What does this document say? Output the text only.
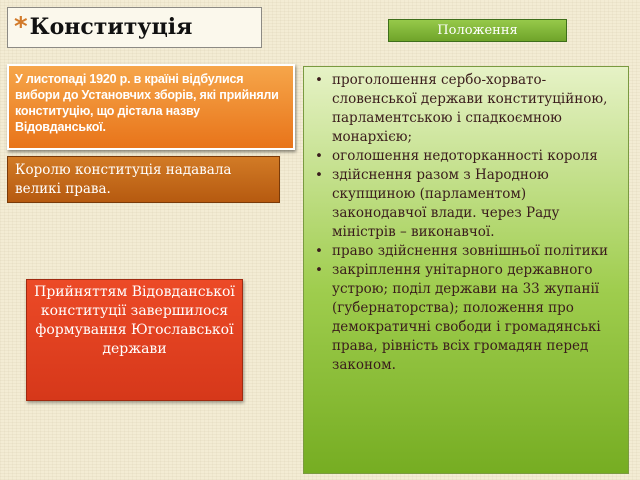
*Конституція	Положення
У листопаді 1920 р. в країні відбулися вибори до Установчих зборів, які прийняли конституцію, що дістала назву Відовданської.
Королю конституція надавала великі права.
Прийняттям Відовданської конституції завершилося формування Югославської держави
• проголошення сербо-хорвато-словенської держави конституційною, парламентською і спадкоємною монархією;
• оголошення недоторканності короля
• здійснення разом з Народною скупщиною (парламентом) законодавчої влади. через Раду міністрів – виконавчої.
• право здійснення зовнішньої політики
• закріплення унітарного державного устрою; поділ держави на 33 жупанії (губернаторства); положення про демократичні свободи і громадянські права, рівність всіх громадян перед законом.
